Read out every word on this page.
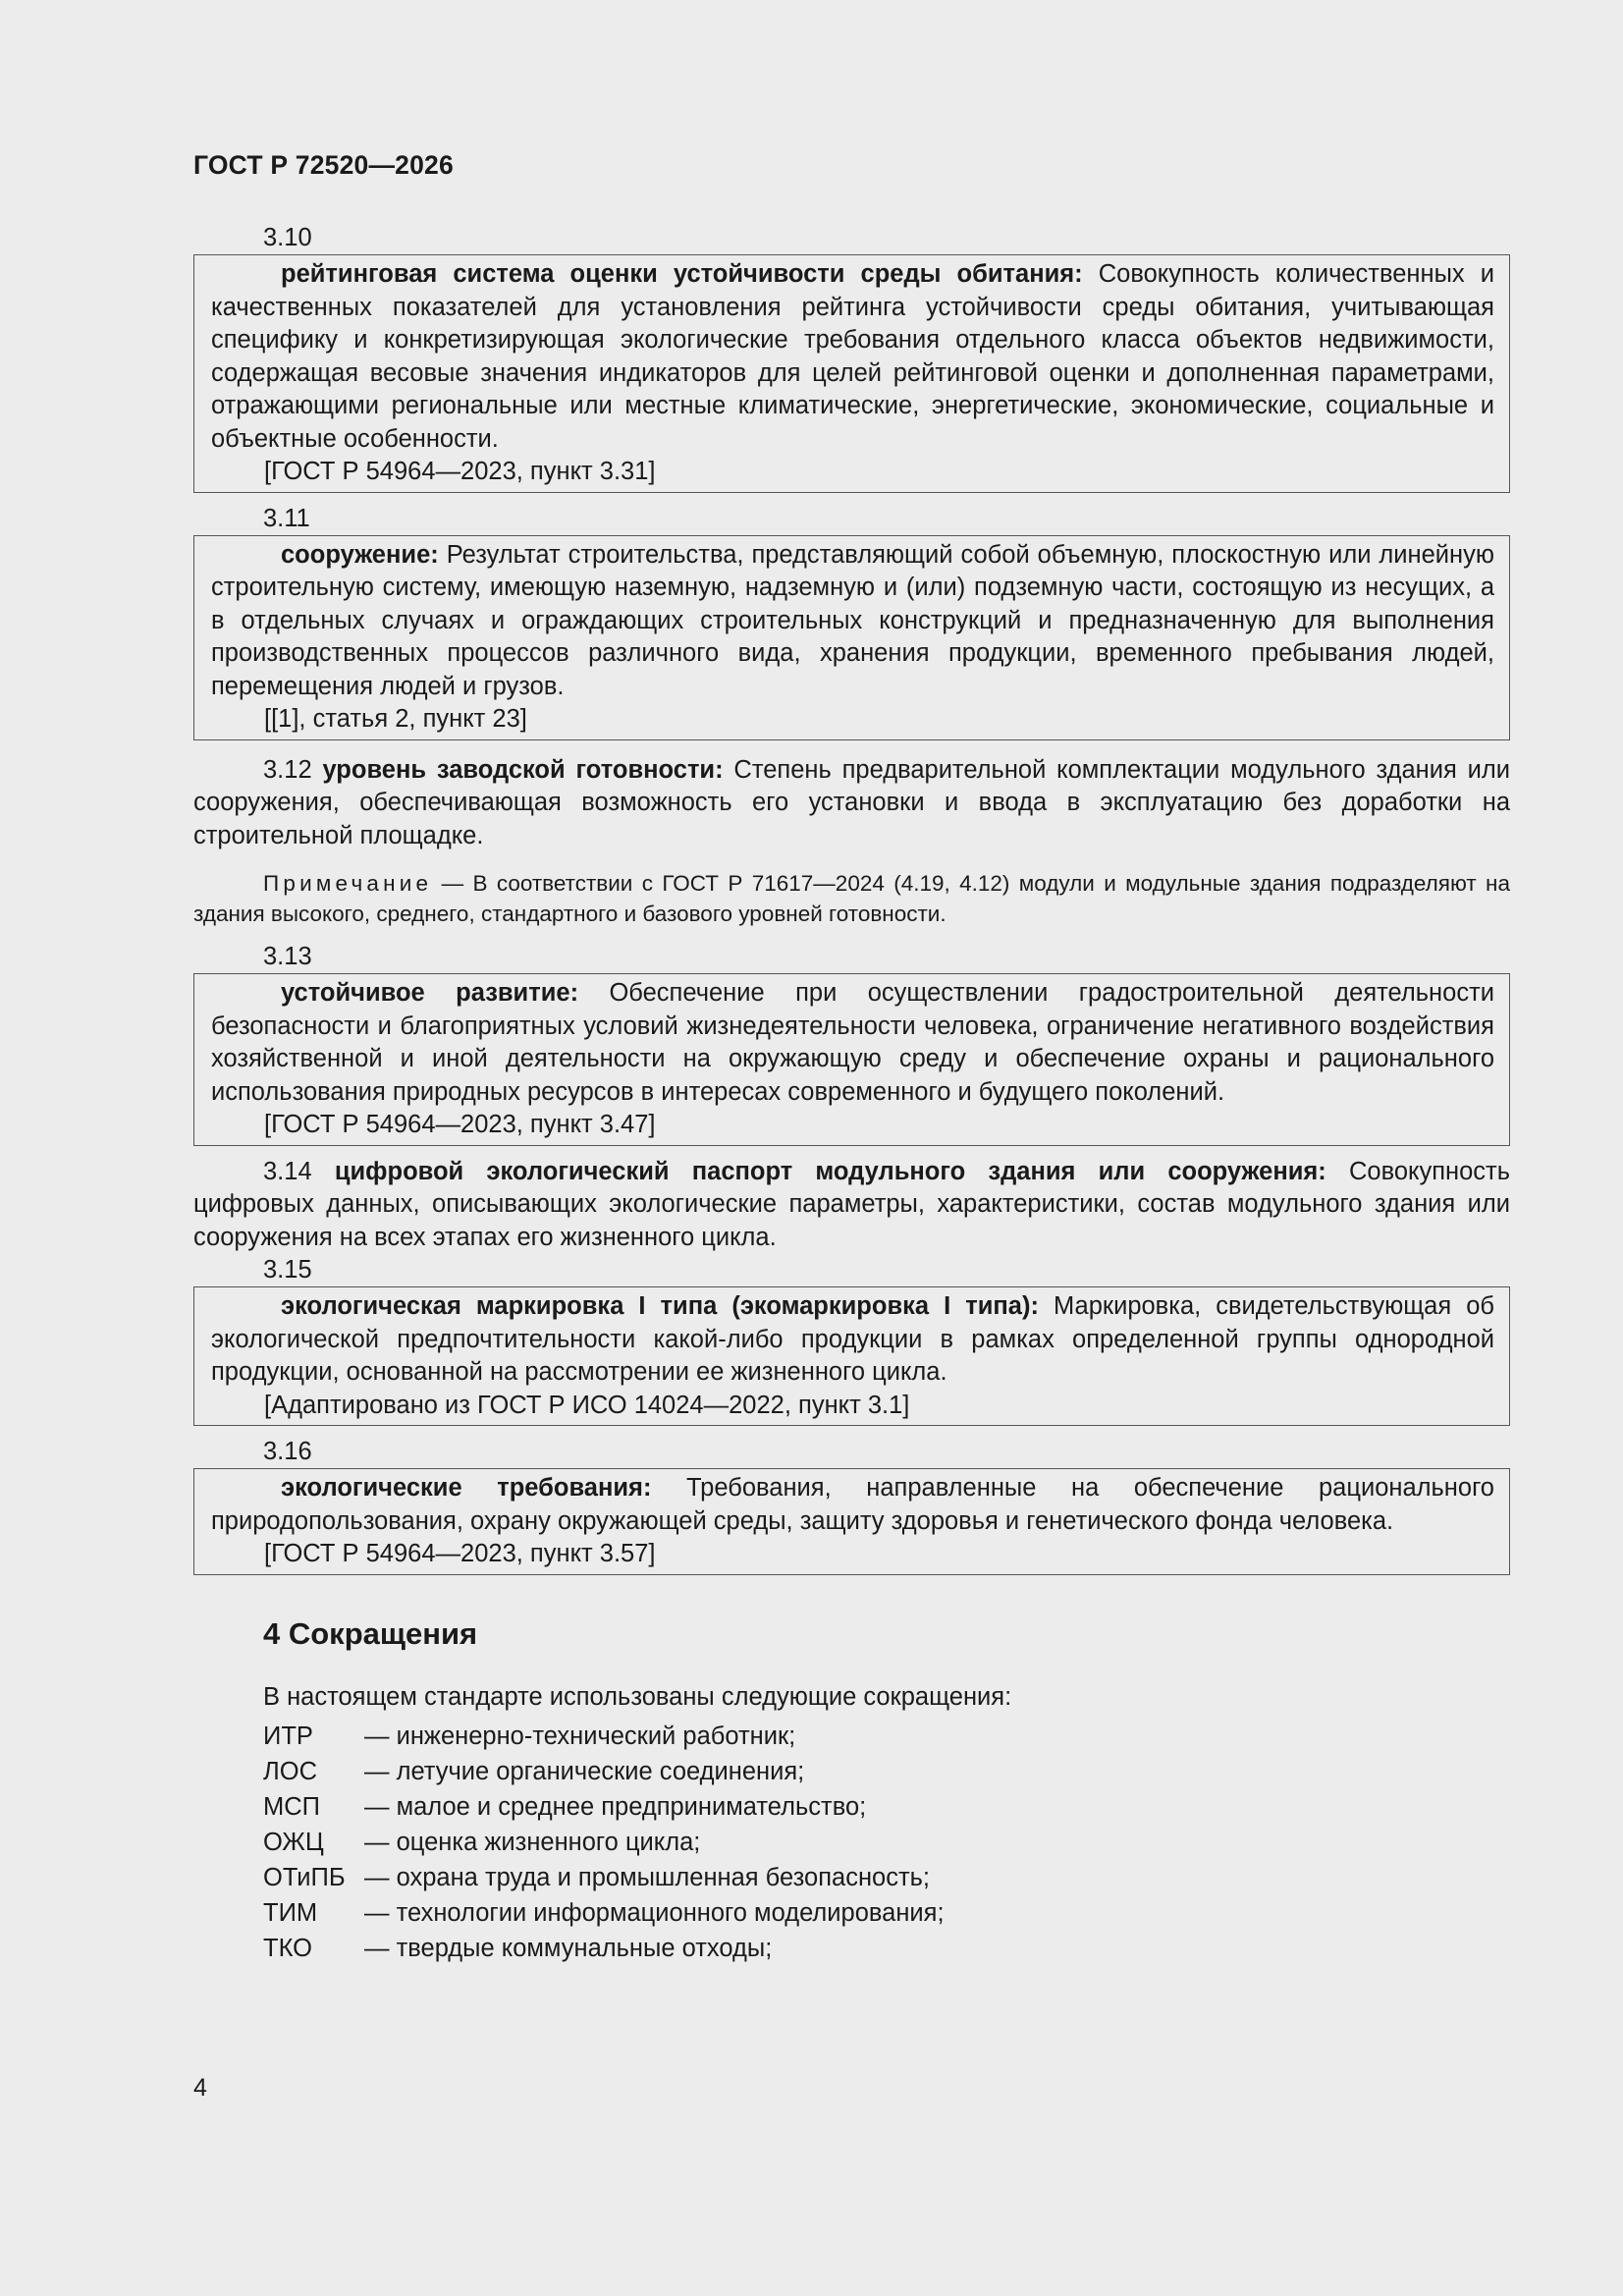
ГОСТ Р 72520—2026
3.10

рейтинговая система оценки устойчивости среды обитания: Совокупность количественных и качественных показателей для установления рейтинга устойчивости среды обитания, учитывающая специфику и конкретизирующая экологические требования отдельного класса объектов недвижимости, содержащая весовые значения индикаторов для целей рейтинговой оценки и дополненная параметрами, отражающими региональные или местные климатические, энергетические, экономические, социальные и объектные особенности.

[ГОСТ Р 54964—2023, пункт 3.31]
3.11

сооружение: Результат строительства, представляющий собой объемную, плоскостную или линейную строительную систему, имеющую наземную, надземную и (или) подземную части, состоящую из несущих, а в отдельных случаях и ограждающих строительных конструкций и предназначенную для выполнения производственных процессов различного вида, хранения продукции, временного пребывания людей, перемещения людей и грузов.

[[1], статья 2, пункт 23]

3.12 уровень заводской готовности: Степень предварительной комплектации модульного здания или сооружения, обеспечивающая возможность его установки и ввода в эксплуатацию без доработки на строительной площадке.

Примечание — В соответствии с ГОСТ Р 71617—2024 (4.19, 4.12) модули и модульные здания подразделяют на здания высокого, среднего, стандартного и базового уровней готовности.

3.13

устойчивое развитие: Обеспечение при осуществлении градостроительной деятельности безопасности и благоприятных условий жизнедеятельности человека, ограничение негативного воздействия хозяйственной и иной деятельности на окружающую среду и обеспечение охраны и рационального использования природных ресурсов в интересах современного и будущего поколений.

[ГОСТ Р 54964—2023, пункт 3.47]

3.14 цифровой экологический паспорт модульного здания или сооружения: Совокупность цифровых данных, описывающих экологические параметры, характеристики, состав модульного здания или сооружения на всех этапах его жизненного цикла.

3.15

экологическая маркировка I типа (экомаркировка I типа): Маркировка, свидетельствующая об экологической предпочтительности какой-либо продукции в рамках определенной группы однородной продукции, основанной на рассмотрении ее жизненного цикла.

[Адаптировано из ГОСТ Р ИСО 14024—2022, пункт 3.1]
3.16

экологические требования: Требования, направленные на обеспечение рационального природопользования, охрану окружающей среды, защиту здоровья и генетического фонда человека.

[ГОСТ Р 54964—2023, пункт 3.57]
4 Сокращения
В настоящем стандарте использованы следующие сокращения:
ИТР	— инженерно-технический работник;
ЛОС	— летучие органические соединения;
МСП	— малое и среднее предпринимательство;
ОЖЦ	— оценка жизненного цикла;
ОТиПБ — охрана труда и промышленная безопасность;
ТИМ	— технологии информационного моделирования;
ТКО	— твердые коммунальные отходы;
4
